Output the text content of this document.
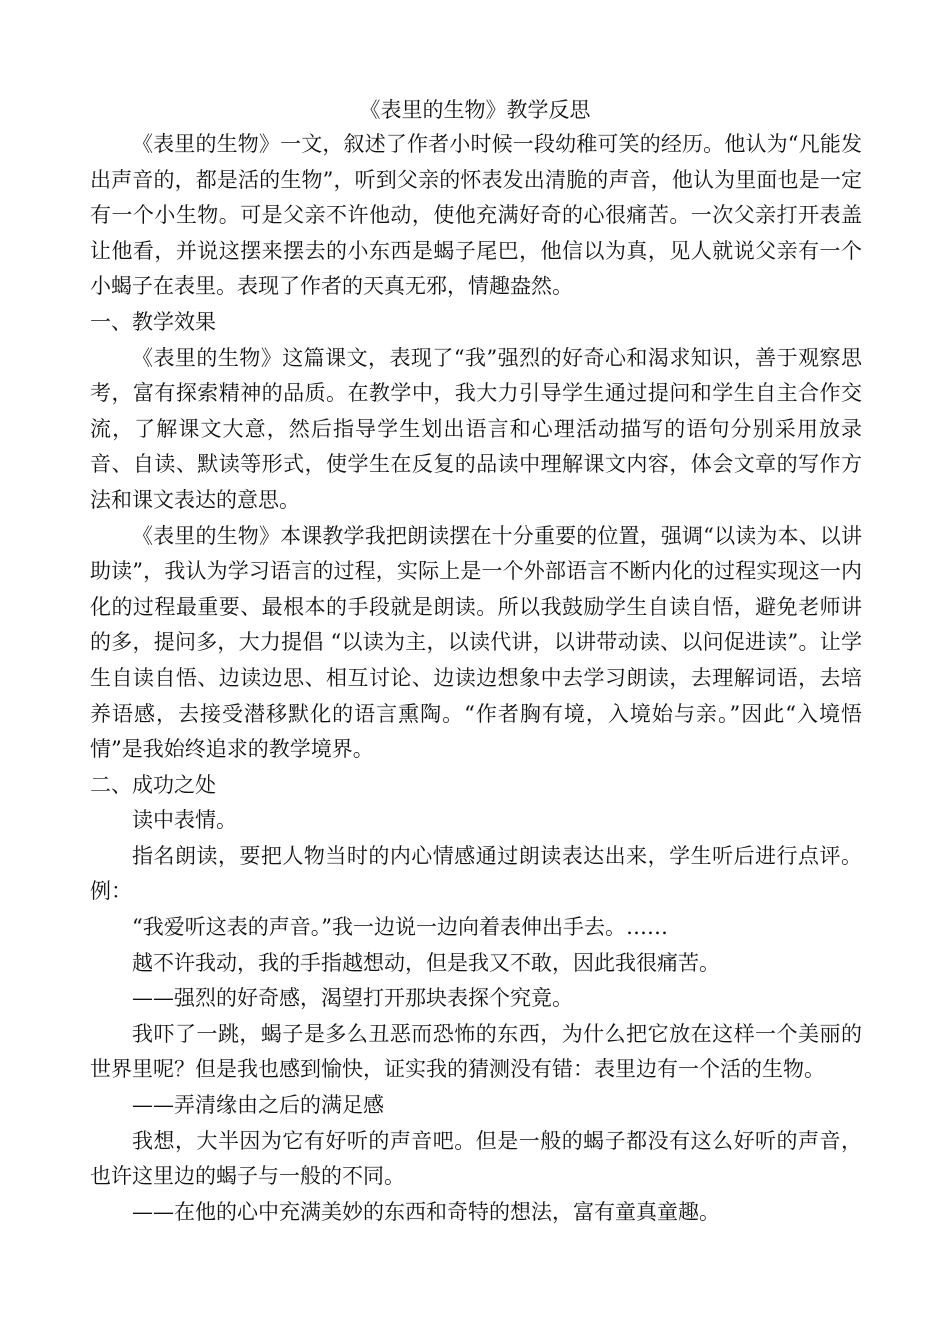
《表里的生物》教学反思

《表里的生物》一文，叙述了作者小时候一段幼稚可笑的经历。他认为“凡能发出声音的，都是活的生物”，听到父亲的怀表发出清脆的声音，他认为里面也是一定有一个小生物。可是父亲不许他动，使他充满好奇的心很痛苦。一次父亲打开表盖让他看，并说这摆来摆去的小东西是蝎子尾巴，他信以为真，见人就说父亲有一个小蝎子在表里。表现了作者的天真无邪，情趣盎然。

一、教学效果

《表里的生物》这篇课文，表现了“我”强烈的好奇心和渴求知识，善于观察思考，富有探索精神的品质。在教学中，我大力引导学生通过提问和学生自主合作交流，了解课文大意，然后指导学生划出语言和心理活动描写的语句分别采用放录音、自读、默读等形式，使学生在反复的品读中理解课文内容，体会文章的写作方法和课文表达的意思。

《表里的生物》本课教学我把朗读摆在十分重要的位置，强调“以读为本、以讲助读”，我认为学习语言的过程，实际上是一个外部语言不断内化的过程实现这一内化的过程最重要、最根本的手段就是朗读。所以我鼓励学生自读自悟，避免老师讲的多，提问多，大力提倡 “以读为主，以读代讲，以讲带动读、以问促进读”。让学生自读自悟、边读边思、相互讨论、边读边想象中去学习朗读，去理解词语，去培养语感，去接受潜移默化的语言熏陶。“作者胸有境，入境始与亲。”因此“入境悟情”是我始终追求的教学境界。

二、成功之处

读中表情。

指名朗读，要把人物当时的内心情感通过朗读表达出来，学生听后进行点评。例：

“我爱听这表的声音。”我一边说一边向着表伸出手去。……

越不许我动，我的手指越想动，但是我又不敢，因此我很痛苦。

——强烈的好奇感，渴望打开那块表探个究竟。

我吓了一跳，蝎子是多么丑恶而恐怖的东西，为什么把它放在这样一个美丽的世界里呢？但是我也感到愉快，证实我的猜测没有错：表里边有一个活的生物。

——弄清缘由之后的满足感

我想，大半因为它有好听的声音吧。但是一般的蝎子都没有这么好听的声音，也许这里边的蝎子与一般的不同。

——在他的心中充满美妙的东西和奇特的想法，富有童真童趣。
